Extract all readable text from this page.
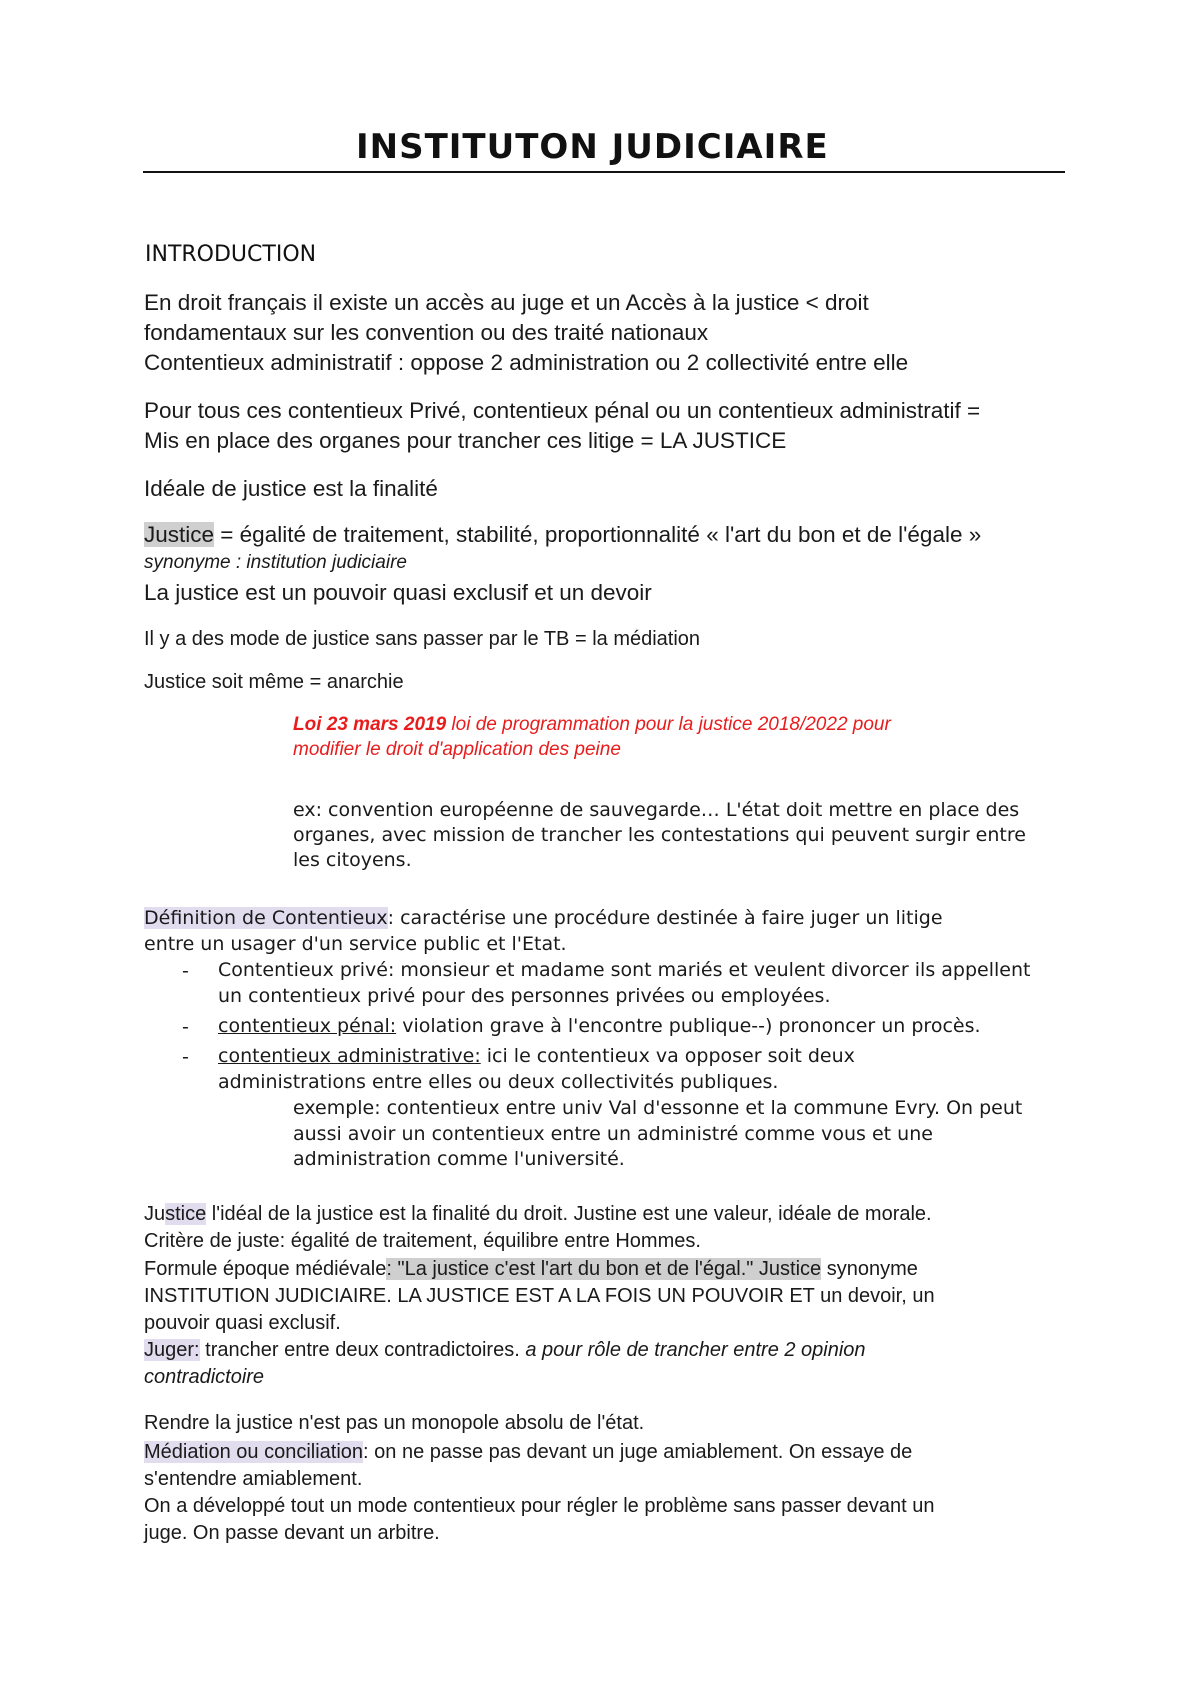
INSTITUTON JUDICIAIRE
INTRODUCTION
En droit français il existe un accès au juge et un Accès à la justice < droit
fondamentaux sur les convention ou des traité nationaux
Contentieux administratif : oppose 2 administration ou 2 collectivité entre elle
Pour tous ces contentieux Privé, contentieux pénal ou un contentieux administratif =
Mis en place des organes pour trancher ces litige = LA JUSTICE
Idéale de justice est la finalité
Justice = égalité de traitement, stabilité, proportionnalité « l'art du bon et de l'égale »
synonyme : institution judiciaire
La justice est un pouvoir quasi exclusif et un devoir
Il y a des mode de justice sans passer par le TB = la médiation
Justice soit même = anarchie
Loi 23 mars 2019 loi de programmation pour la justice 2018/2022 pour
modifier le droit d'application des peine
ex: convention européenne de sauvegarde… L'état doit mettre en place des
organes, avec mission de trancher les contestations qui peuvent surgir entre
les citoyens.
Définition de Contentieux: caractérise une procédure destinée à faire juger un litige
entre un usager d'un service public et l'Etat.
- Contentieux privé: monsieur et madame sont mariés et veulent divorcer ils appellent
un contentieux privé pour des personnes privées ou employées.
- contentieux pénal: violation grave à l'encontre publique--) prononcer un procès.
- contentieux administrative: ici le contentieux va opposer soit deux
administrations entre elles ou deux collectivités publiques.
exemple: contentieux entre univ Val d'essonne et la commune Evry. On peut
aussi avoir un contentieux entre un administré comme vous et une
administration comme l'université.
Justice l'idéal de la justice est la finalité du droit. Justine est une valeur, idéale de morale.
Critère de juste: égalité de traitement, équilibre entre Hommes.
Formule époque médiévale: "La justice c'est l'art du bon et de l'égal." Justice synonyme
INSTITUTION JUDICIAIRE. LA JUSTICE EST A LA FOIS UN POUVOIR ET un devoir, un
pouvoir quasi exclusif.
Juger: trancher entre deux contradictoires. a pour rôle de trancher entre 2 opinion
contradictoire
Rendre la justice n'est pas un monopole absolu de l'état.
Médiation ou conciliation: on ne passe pas devant un juge amiablement. On essaye de
s'entendre amiablement.
On a développé tout un mode contentieux pour régler le problème sans passer devant un
juge. On passe devant un arbitre.
